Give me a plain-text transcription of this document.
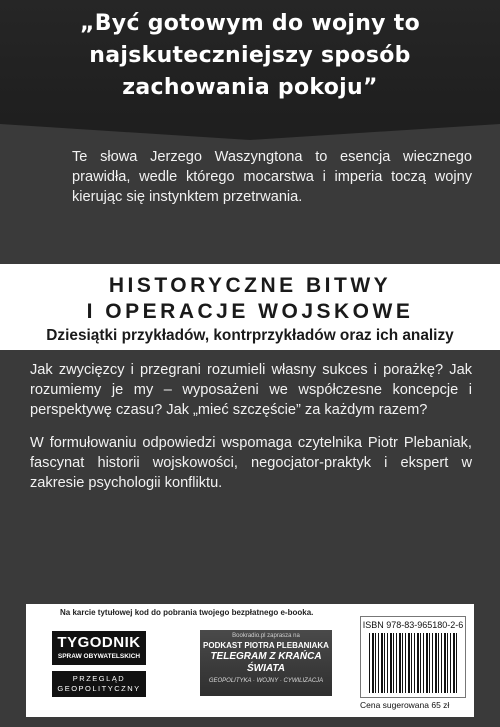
„Być gotowym do wojny to
najskuteczniejszy sposób
zachowania pokoju”
Te słowa Jerzego Waszyngtona to esencja wiecznego prawidła, wedle którego mocarstwa i imperia toczą wojny kierując się instynktem przetrwania.
HISTORYCZNE BITWY
I OPERACJE WOJSKOWE
Dziesiątki przykładów, kontrprzykładów oraz ich analizy

Jak zwycięzcy i przegrani rozumieli własny sukces i porażkę? Jak rozumiemy je my – wyposażeni we współczesne koncepcje i perspektywę czasu? Jak „mieć szczęście” za każdym razem?

W formułowaniu odpowiedzi wspomaga czytelnika Piotr Plebaniak, fascynat historii wojskowości, negocjator-praktyk i ekspert w zakresie psychologii konfliktu.

Na karcie tytułowej kod do pobrania twojego bezpłatnego e-booka.
TYGODNIK
SPRAW OBYWATELSKICH
PRZEGLĄD GEOPOLITYCZNY
Bookradio.pl zaprasza na
PODKAST PIOTRA PLEBANIAKA
TELEGRAM Z KRAŃCA ŚWIATA
GEOPOLITYKA · WOJNY · CYWILIZACJA
ISBN 978-83-965180-2-6
Cena sugerowana 65 zł
